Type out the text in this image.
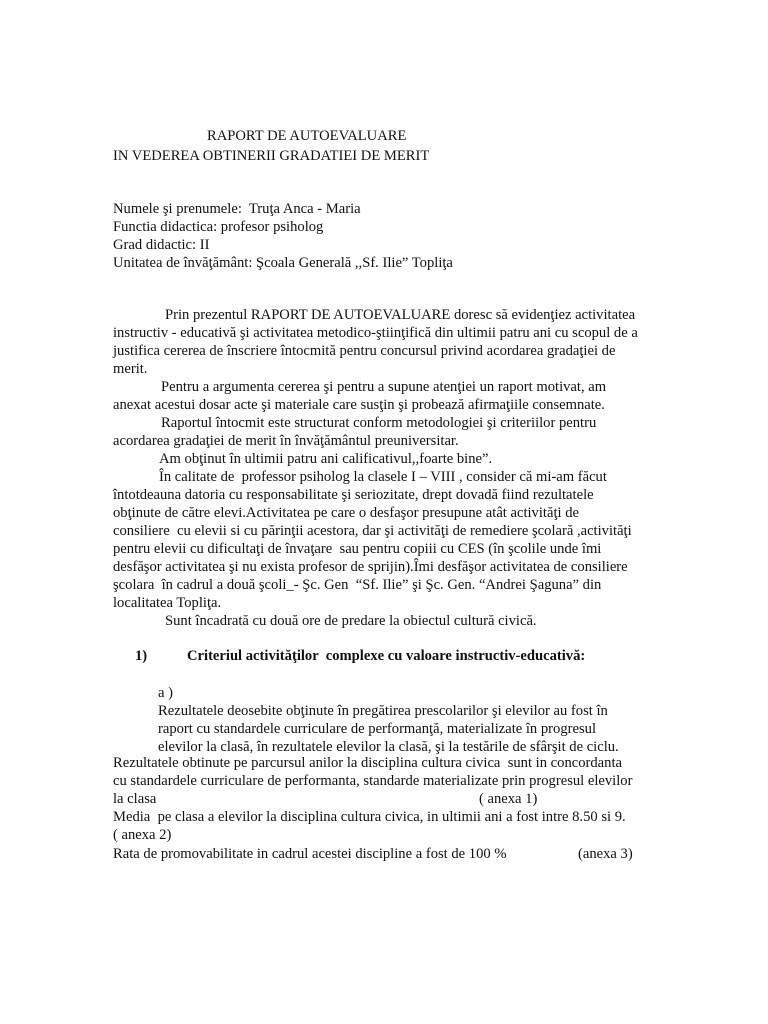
RAPORT DE AUTOEVALUARE
IN VEDEREA OBTINERII GRADATIEI DE MERIT
Numele şi prenumele:  Truţa Anca - Maria
Functia didactica: profesor psiholog
Grad didactic: II
Unitatea de învăţământ: Şcoala Generală ,,Sf. Ilie” Topliţa
Prin prezentul RAPORT DE AUTOEVALUARE doresc să evidenţiez activitatea
instructiv - educativă şi activitatea metodico-ştiinţifică din ultimii patru ani cu scopul de a
justifica cererea de înscriere întocmită pentru concursul privind acordarea gradaţiei de
merit.
Pentru a argumenta cererea şi pentru a supune atenţiei un raport motivat, am
anexat acestui dosar acte şi materiale care susţin şi probează afirmaţiile consemnate.
Raportul întocmit este structurat conform metodologiei şi criteriilor pentru
acordarea gradaţiei de merit în învăţământul preuniversitar.
Am obţinut în ultimii patru ani calificativul,,foarte bine”.
În calitate de  professor psiholog la clasele I – VIII , consider că mi-am făcut
întotdeauna datoria cu responsabilitate şi seriozitate, drept dovadă fiind rezultatele
obţinute de către elevi.Activitatea pe care o desfaşor presupune atât activităţi de
consiliere  cu elevii si cu părinţii acestora, dar şi activităţi de remediere şcolară ,activităţi
pentru elevii cu dificultaţi de învaţare  sau pentru copiii cu CES (în şcolile unde îmi
desfăşor activitatea şi nu exista profesor de sprijin).Îmi desfăşor activitatea de consiliere
şcolara  în cadrul a două şcoli_- Şc. Gen  “Sf. Ilie” şi Şc. Gen. “Andrei Şaguna” din
localitatea Topliţa.
Sunt încadrată cu două ore de predare la obiectul cultură civică.
1)	Criteriul activităţilor  complexe cu valoare instructiv-educativă:
a )
Rezultatele deosebite obţinute în pregătirea prescolarilor şi elevilor au fost în
raport cu standardele curriculare de performanţă, materializate în progresul
elevilor la clasă, în rezultatele elevilor la clasă, şi la testările de sfârşit de ciclu.
Rezultatele obtinute pe parcursul anilor la disciplina cultura civica  sunt in concordanta
cu standardele curriculare de performanta, standarde materializate prin progresul elevilor
la clasa	( anexa 1)
Media  pe clasa a elevilor la disciplina cultura civica, in ultimii ani a fost intre 8.50 si 9.
( anexa 2)
Rata de promovabilitate in cadrul acestei discipline a fost de 100 %	(anexa 3)
